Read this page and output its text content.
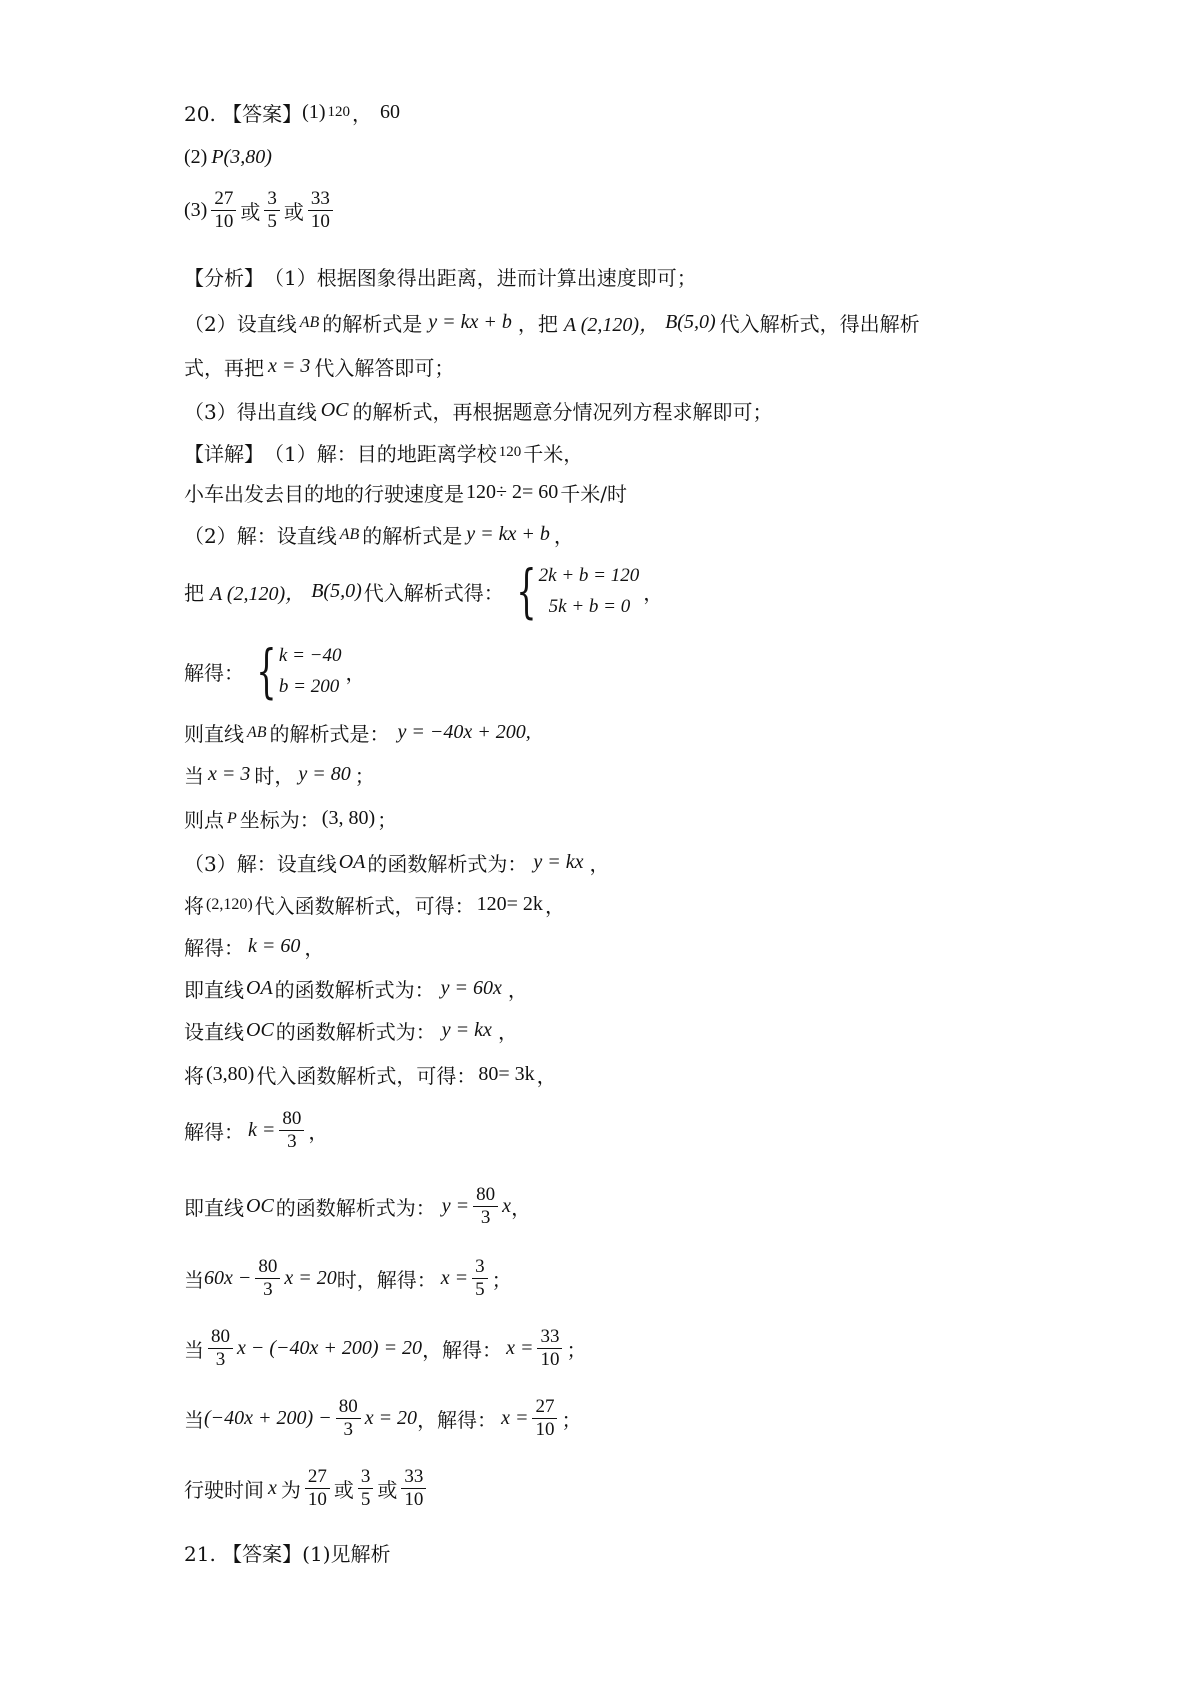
20. 【答案】 (1) 120 ， 60
(2) P(3,80)
$(3) \frac{27}{10}$ 或 $\frac{3}{5}$ 或 $\frac{33}{10}$
【分析】 （1）根据图象得出距离，进而计算出速度即可；
（2）设直线 AB 的解析式是 y = kx + b ，把 A (2,120)， B(5,0) 代入解析式，得出解析
式，再把 x = 3 代入解答即可；
（3）得出直线 OC 的解析式，再根据题意分情况列方程求解即可；
【详解】 （1）解：目的地距离学校 120 千米，
小车出发去目的地的行驶速度是 120÷ 2= 60 千米/时
（2）解：设直线 AB 的解析式是 y = kx + b ，
把 A (2,120)， B(5,0) 代入解析式得： { 2k + b = 120
5k + b = 0
，
解得： { k = −40
b = 200
，
则直线 AB 的解析式是： y = −40x + 200,
当 x = 3 时， y = 80 ；
则点 P 坐标为： (3, 80) ；
（3）解：设直线 OA 的函数解析式为： y = kx ，
将 (2,120) 代入函数解析式，可得： 120= 2k ，
解得： k = 60 ，
即直线 OA 的函数解析式为： y = 60x ，
设直线 OC 的函数解析式为： y = kx ，
将 (3,80) 代入函数解析式，可得： 80= 3k ，
解得： $k = \frac{80}{3}$ ，
即直线 OC 的函数解析式为： $y = \frac{80}{3}$ x ，
当 $60x - \frac{80}{3}$ x = 20 时，解得： $x = \frac{3}{5}$ ；
当 $\frac{80}{3}$ x − (−40x + 200) = 20 ，解得： $x = \frac{33}{10}$ ；
当 $(-40x + 200) - \frac{80}{3}$ x = 20 ，解得： $x = \frac{27}{10}$ ；
行驶时间 x 为 $\frac{27}{10}$ 或 $\frac{3}{5}$ 或 $\frac{33}{10}$
21. 【答案】 (1)见解析
